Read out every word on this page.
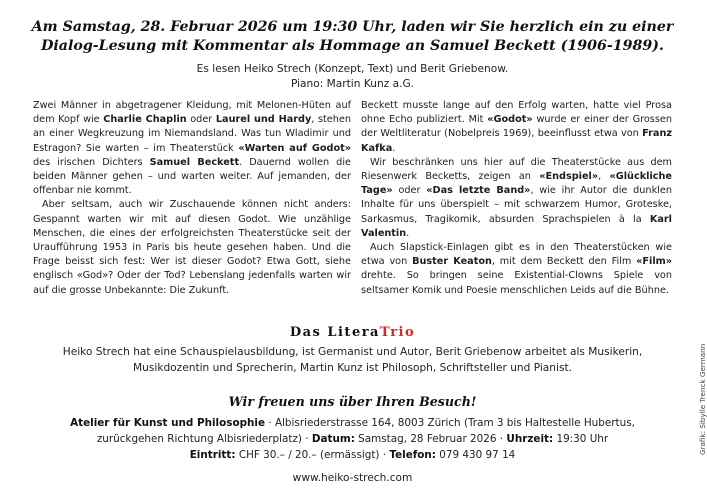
Am Samstag, 28. Februar 2026 um 19:30 Uhr, laden wir Sie herzlich ein zu einer
Dialog-Lesung mit Kommentar als Hommage an Samuel Beckett (1906-1989).
Es lesen Heiko Strech (Konzept, Text) und Berit Griebenow.
Piano: Martin Kunz a.G.

Zwei Männer in abgetragener Kleidung, mit Melonen-Hüten auf dem Kopf wie Charlie Chaplin oder Laurel und Hardy, stehen an einer Wegkreuzung im Niemandsland. Was tun Wladimir und Estragon? Sie warten – im Theaterstück «Warten auf Godot» des irischen Dichters Samuel Beckett. Dauernd wollen die beiden Männer gehen – und warten weiter. Auf jemanden, der offenbar nie kommt.

Aber seltsam, auch wir Zuschauende können nicht anders: Gespannt warten wir mit auf diesen Godot. Wie unzählige Menschen, die eines der erfolgreichsten Theaterstücke seit der Uraufführung 1953 in Paris bis heute gesehen haben. Und die Frage beisst sich fest: Wer ist dieser Godot? Etwa Gott, siehe englisch «God»? Oder der Tod? Lebenslang jedenfalls warten wir auf die grosse Unbekannte: Die Zukunft.

Beckett musste lange auf den Erfolg warten, hatte viel Prosa ohne Echo publiziert. Mit «Godot» wurde er einer der Grossen der Weltliteratur (Nobelpreis 1969), beeinflusst etwa von Franz Kafka.

Wir beschränken uns hier auf die Theaterstücke aus dem Riesenwerk Becketts, zeigen an «Endspiel», «Glückliche Tage» oder «Das letzte Band», wie ihr Autor die dunklen Inhalte für uns überspielt – mit schwarzem Humor, Groteske, Sarkasmus, Tragikomik, absurden Sprachspielen à la Karl Valentin.

Auch Slapstick-Einlagen gibt es in den Theaterstücken wie etwa von Buster Keaton, mit dem Beckett den Film «Film» drehte. So bringen seine Existential-Clowns Spiele von seltsamer Komik und Poesie menschlichen Leids auf die Bühne.

Das LiteraTrio
Heiko Strech hat eine Schauspielausbildung, ist Germanist und Autor, Berit Griebenow arbeitet als Musikerin,
Musikdozentin und Sprecherin, Martin Kunz ist Philosoph, Schriftsteller und Pianist.
Wir freuen uns über Ihren Besuch!
Atelier für Kunst und Philosophie · Albisriederstrasse 164, 8003 Zürich (Tram 3 bis Haltestelle Hubertus,
zurückgehen Richtung Albisriederplatz) · Datum: Samstag, 28 Februar 2026 · Uhrzeit: 19:30 Uhr
Eintritt: CHF 30.– / 20.– (ermässigt) · Telefon: 079 430 97 14
www.heiko-strech.com
Grafik: Sibylle Trenck Germann
